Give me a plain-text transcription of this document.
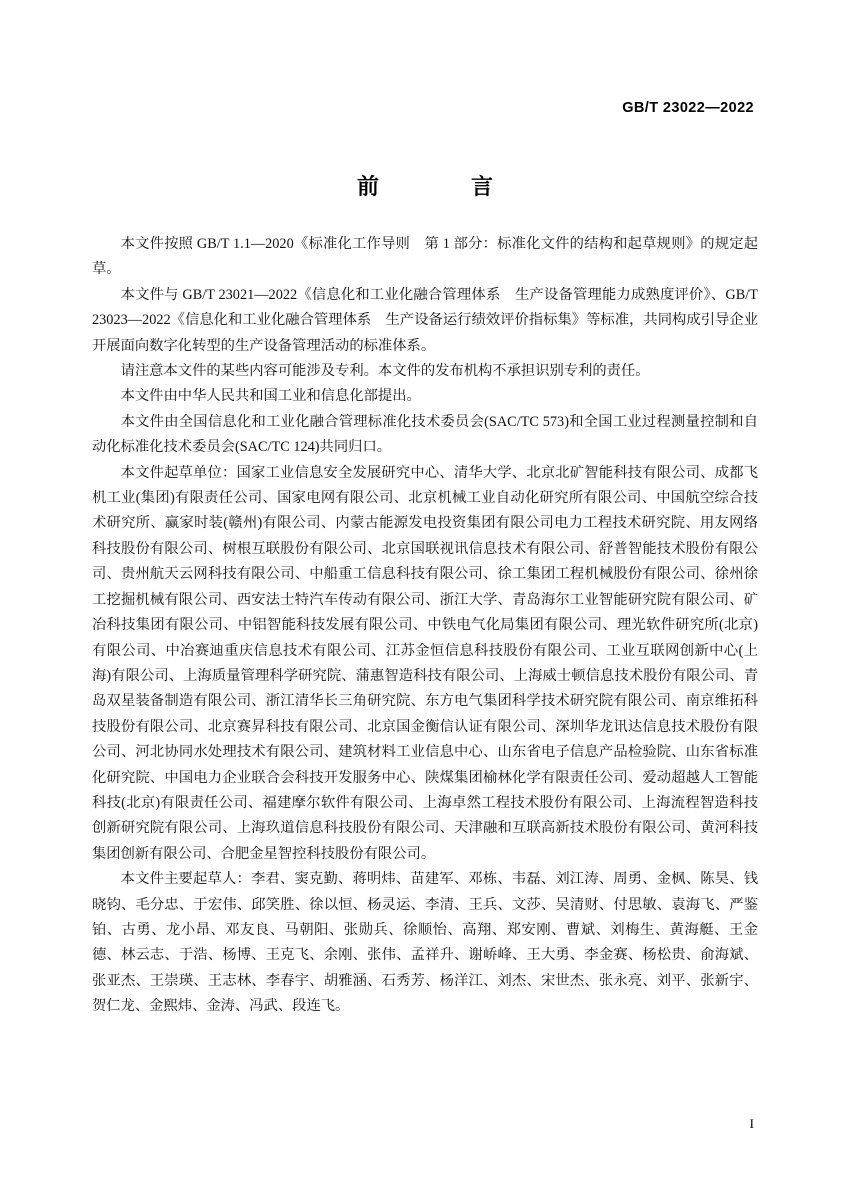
GB/T 23022—2022
前　　言

本文件按照 GB/T 1.1—2020《标准化工作导则　第 1 部分：标准化文件的结构和起草规则》的规定起草。

本文件与 GB/T 23021—2022《信息化和工业化融合管理体系　生产设备管理能力成熟度评价》、GB/T 23023—2022《信息化和工业化融合管理体系　生产设备运行绩效评价指标集》等标准，共同构成引导企业开展面向数字化转型的生产设备管理活动的标准体系。

请注意本文件的某些内容可能涉及专利。本文件的发布机构不承担识别专利的责任。

本文件由中华人民共和国工业和信息化部提出。

本文件由全国信息化和工业化融合管理标准化技术委员会(SAC/TC 573)和全国工业过程测量控制和自动化标准化技术委员会(SAC/TC 124)共同归口。

本文件起草单位：国家工业信息安全发展研究中心、清华大学、北京北矿智能科技有限公司、成都飞机工业(集团)有限责任公司、国家电网有限公司、北京机械工业自动化研究所有限公司、中国航空综合技术研究所、赢家时装(赣州)有限公司、内蒙古能源发电投资集团有限公司电力工程技术研究院、用友网络科技股份有限公司、树根互联股份有限公司、北京国联视讯信息技术有限公司、舒普智能技术股份有限公司、贵州航天云网科技有限公司、中船重工信息科技有限公司、徐工集团工程机械股份有限公司、徐州徐工挖掘机械有限公司、西安法士特汽车传动有限公司、浙江大学、青岛海尔工业智能研究院有限公司、矿冶科技集团有限公司、中铝智能科技发展有限公司、中铁电气化局集团有限公司、理光软件研究所(北京)有限公司、中冶赛迪重庆信息技术有限公司、江苏金恒信息科技股份有限公司、工业互联网创新中心(上海)有限公司、上海质量管理科学研究院、蒲惠智造科技有限公司、上海威士顿信息技术股份有限公司、青岛双星装备制造有限公司、浙江清华长三角研究院、东方电气集团科学技术研究院有限公司、南京维拓科技股份有限公司、北京赛昇科技有限公司、北京国金衡信认证有限公司、深圳华龙讯达信息技术股份有限公司、河北协同水处理技术有限公司、建筑材料工业信息中心、山东省电子信息产品检验院、山东省标准化研究院、中国电力企业联合会科技开发服务中心、陕煤集团榆林化学有限责任公司、爱动超越人工智能科技(北京)有限责任公司、福建摩尔软件有限公司、上海卓然工程技术股份有限公司、上海流程智造科技创新研究院有限公司、上海玖道信息科技股份有限公司、天津融和互联高新技术股份有限公司、黄河科技集团创新有限公司、合肥金星智控科技股份有限公司。

本文件主要起草人：李君、窦克勤、蒋明炜、苗建军、邓栋、韦磊、刘江涛、周勇、金枫、陈昊、钱晓钧、毛分忠、于宏伟、邱笑胜、徐以恒、杨灵运、李清、王兵、文莎、吴清财、付思敏、袁海飞、严鉴铂、古勇、龙小昂、邓友良、马朝阳、张勋兵、徐顺怡、高翔、郑安刚、曹斌、刘梅生、黄海艇、王金德、林云志、于浩、杨博、王克飞、余刚、张伟、孟祥升、谢峤峰、王大勇、李金赛、杨松贵、俞海斌、张亚杰、王崇瑛、王志林、李春宇、胡雅涵、石秀芳、杨洋江、刘杰、宋世杰、张永亮、刘平、张新宇、贺仁龙、金熙炜、金涛、冯武、段连飞。

I
